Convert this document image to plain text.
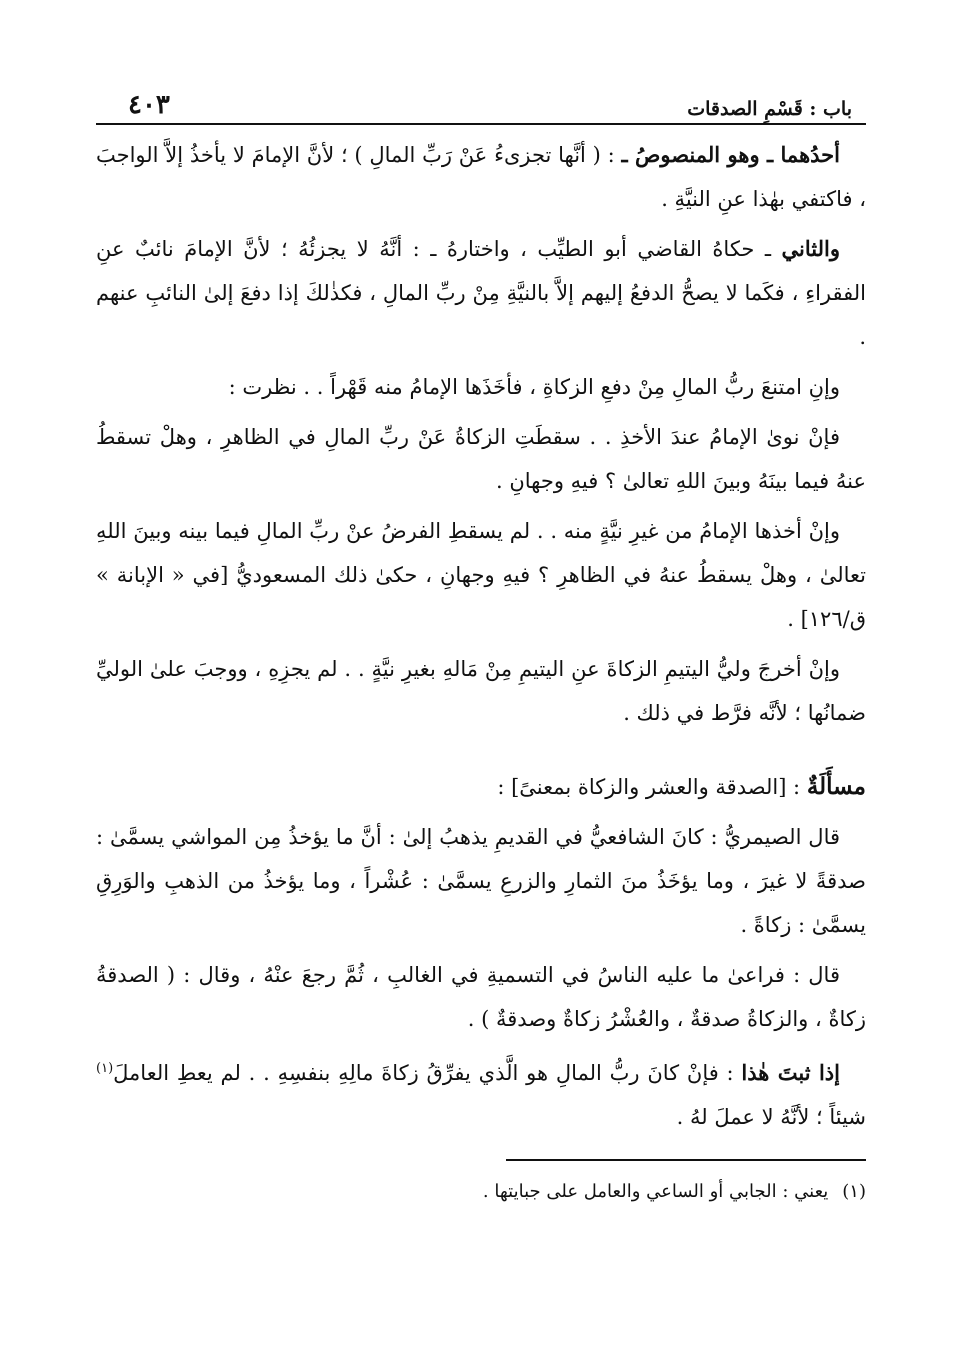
باب : قَسْمِ الصدقات
٤٠٣

أحدُهما ـ وهو المنصوصُ ـ : ( أنَّها تجزىءُ عَنْ رَبِّ المالِ ) ؛ لأنَّ الإمامَ لا يأخذُ إلاَّ الواجبَ ، فاكتفي بهٰذا عنِ النيَّةِ .

والثاني ـ حكاهُ القاضي أبو الطيِّب ، واختارهُ ـ : أنَّهُ لا يجزئُهُ ؛ لأنَّ الإمامَ نائبٌ عنِ الفقراءِ ، فكَما لا يصحُّ الدفعُ إليهم إلاَّ بالنيَّةِ مِنْ ربِّ المالِ ، فكذٰلكَ إذا دفعَ إلىٰ النائبِ عنهم .

وإنِ امتنعَ ربُّ المالِ مِنْ دفعِ الزكاةِ ، فأخَذَها الإمامُ منه قَهْراً . . نظرت :

فإنْ نوىٰ الإمامُ عندَ الأخذِ . . سقطَتِ الزكاةُ عَنْ ربِّ المالِ في الظاهرِ ، وهلْ تسقطُ عنهُ فيما بينَهُ وبينَ اللهِ تعالىٰ ؟ فيهِ وجهانِ .

وإنْ أخذها الإمامُ من غيرِ نيَّةٍ منه . . لم يسقطِ الفرضُ عنْ ربِّ المالِ فيما بينه وبينَ اللهِ تعالىٰ ، وهلْ يسقطُ عنهُ في الظاهرِ ؟ فيهِ وجهانِ ، حكىٰ ذلك المسعوديُّ [في « الإبانة » ق/١٢٦] .

وإنْ أخرجَ وليُّ اليتيمِ الزكاةَ عنِ اليتيمِ مِنْ مَالهِ بغيرِ نيَّةٍ . . لم يجزِهِ ، ووجبَ علىٰ الوليِّ ضمانُها ؛ لأنَّه فرَّط في ذلك .

مسأَلَةٌ : [الصدقة والعشر والزكاة بمعنىً] :

قال الصيمريُّ : كانَ الشافعيُّ في القديمِ يذهبُ إلىٰ : أنَّ ما يؤخذُ مِن المواشي يسمَّىٰ : صدقةً لا غيرَ ، وما يؤخَذُ منَ الثمارِ والزرعِ يسمَّىٰ : عُشْراً ، وما يؤخذُ من الذهبِ والوَرِقِ يسمَّىٰ : زكاةً .

قال : فراعىٰ ما عليه الناسُ في التسميةِ في الغالبِ ، ثُمَّ رجعَ عنْهُ ، وقال : ( الصدقةُ زكاةٌ ، والزكاةُ صدقةٌ ، والعُشْرُ زكاةٌ وصدقةٌ ) .

إذا ثبتَ هٰذا : فإنْ كانَ ربُّ المالِ هو الَّذي يفرِّقُ زكاةَ مالِهِ بنفسِهِ . . لم يعطِ العاملَ$^{(١)}$ شيئاً ؛ لأنَّهُ لا عملَ لهُ .

(١)يعني : الجابي أو الساعي والعامل على جبايتها .
